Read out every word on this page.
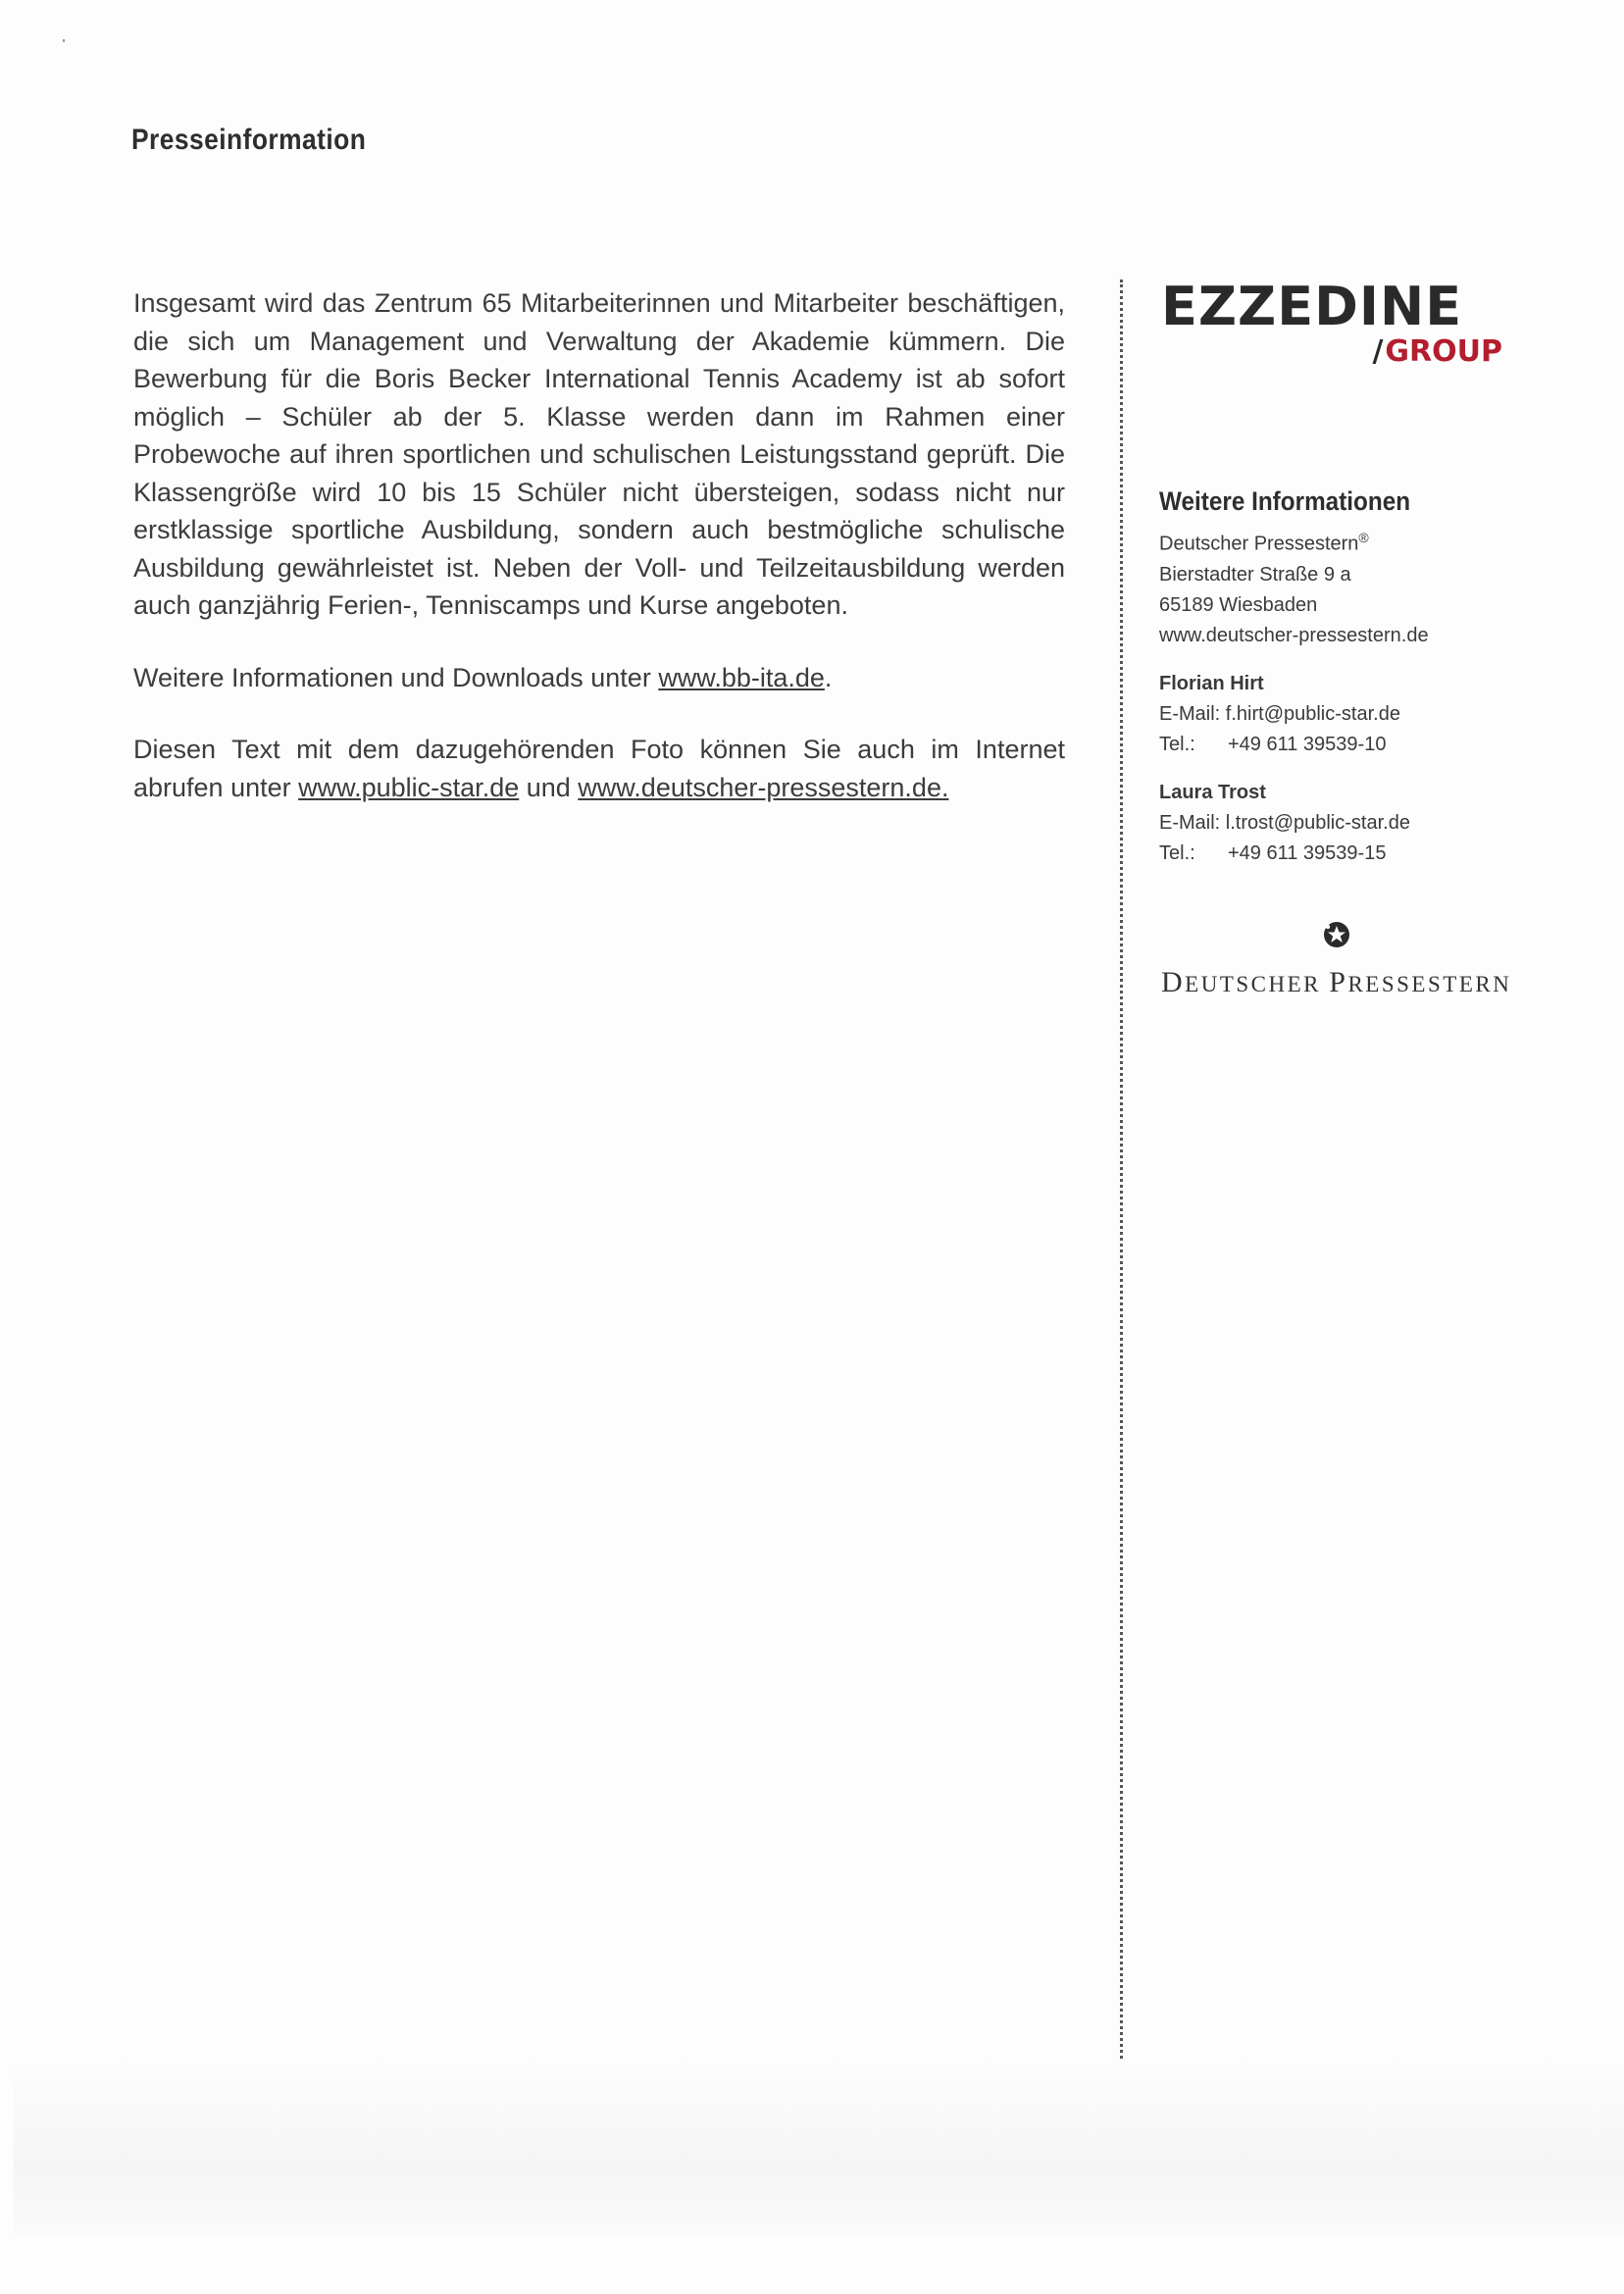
Presseinformation

Insgesamt wird das Zentrum 65 Mitarbeiterinnen und Mitarbeiter beschäftigen, die sich um Management und Verwaltung der Akademie kümmern. Die Bewerbung für die Boris Becker International Tennis Academy ist ab sofort möglich – Schüler ab der 5. Klasse werden dann im Rahmen einer Probewoche auf ihren sportlichen und schulischen Leistungsstand geprüft. Die Klassengröße wird 10 bis 15 Schüler nicht übersteigen, sodass nicht nur erstklassige sportliche Ausbildung, sondern auch bestmögliche schulische Ausbildung gewährleistet ist. Neben der Voll- und Teilzeitausbildung werden auch ganzjährig Ferien-, Tenniscamps und Kurse angeboten.

Weitere Informationen und Downloads unter www.bb-ita.de.

Diesen Text mit dem dazugehörenden Foto können Sie auch im Internet abrufen unter www.public-star.de und www.deutscher-pressestern.de.

EZZEDINE
/GROUP
Weitere Informationen
Deutscher Pressestern®
Bierstadter Straße 9 a
65189 Wiesbaden
www.deutscher-pressestern.de
Florian Hirt
E-Mail: f.hirt@public-star.de
Tel.: +49 611 39539-10
Laura Trost
E-Mail: l.trost@public-star.de
Tel.: +49 611 39539-15
DEUTSCHER PRESSESTERN
